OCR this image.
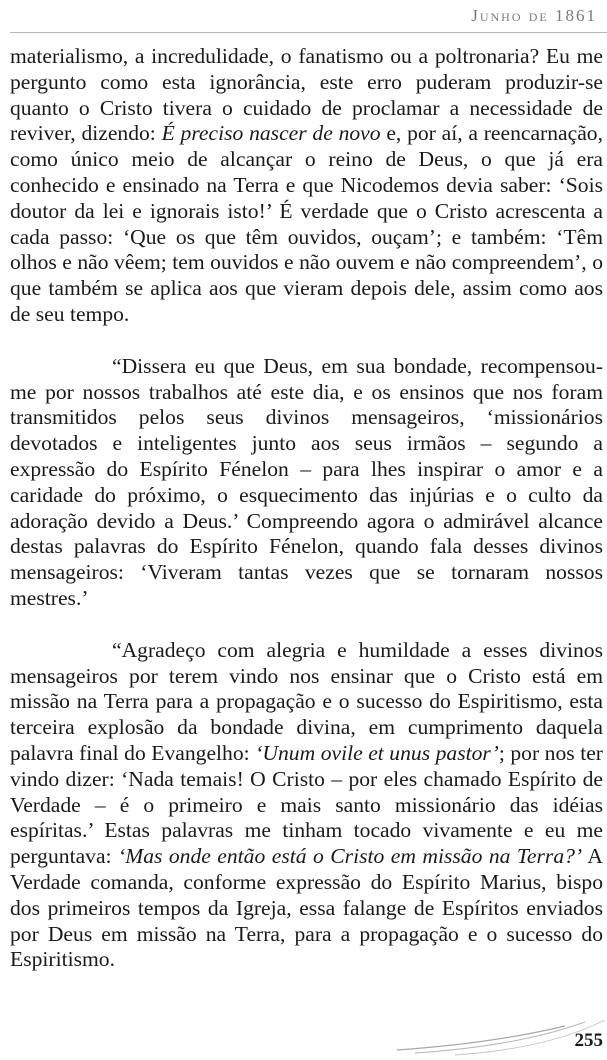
Junho de 1861

materialismo, a incredulidade, o fanatismo ou a poltronaria? Eu me pergunto como esta ignorância, este erro puderam produzir-se quanto o Cristo tivera o cuidado de proclamar a necessidade de reviver, dizendo: É preciso nascer de novo e, por aí, a reencarnação, como único meio de alcançar o reino de Deus, o que já era conhecido e ensinado na Terra e que Nicodemos devia saber: ‘Sois doutor da lei e ignorais isto!’ É verdade que o Cristo acrescenta a cada passo: ‘Que os que têm ouvidos, ouçam’; e também: ‘Têm olhos e não vêem; tem ouvidos e não ouvem e não compreendem’, o que também se aplica aos que vieram depois dele, assim como aos de seu tempo.

“Dissera eu que Deus, em sua bondade, recompensou-me por nossos trabalhos até este dia, e os ensinos que nos foram transmitidos pelos seus divinos mensageiros, ‘missionários devotados e inteligentes junto aos seus irmãos – segundo a expressão do Espírito Fénelon – para lhes inspirar o amor e a caridade do próximo, o esquecimento das injúrias e o culto da adoração devido a Deus.’ Compreendo agora o admirável alcance destas palavras do Espírito Fénelon, quando fala desses divinos mensageiros: ‘Viveram tantas vezes que se tornaram nossos mestres.’

“Agradeço com alegria e humildade a esses divinos mensageiros por terem vindo nos ensinar que o Cristo está em missão na Terra para a propagação e o sucesso do Espiritismo, esta terceira explosão da bondade divina, em cumprimento daquela palavra final do Evangelho: ‘Unum ovile et unus pastor’; por nos ter vindo dizer: ‘Nada temais! O Cristo – por eles chamado Espírito de Verdade – é o primeiro e mais santo missionário das idéias espíritas.’ Estas palavras me tinham tocado vivamente e eu me perguntava: ‘Mas onde então está o Cristo em missão na Terra?’ A Verdade comanda, conforme expressão do Espírito Marius, bispo dos primeiros tempos da Igreja, essa falange de Espíritos enviados por Deus em missão na Terra, para a propagação e o sucesso do Espiritismo.

255
